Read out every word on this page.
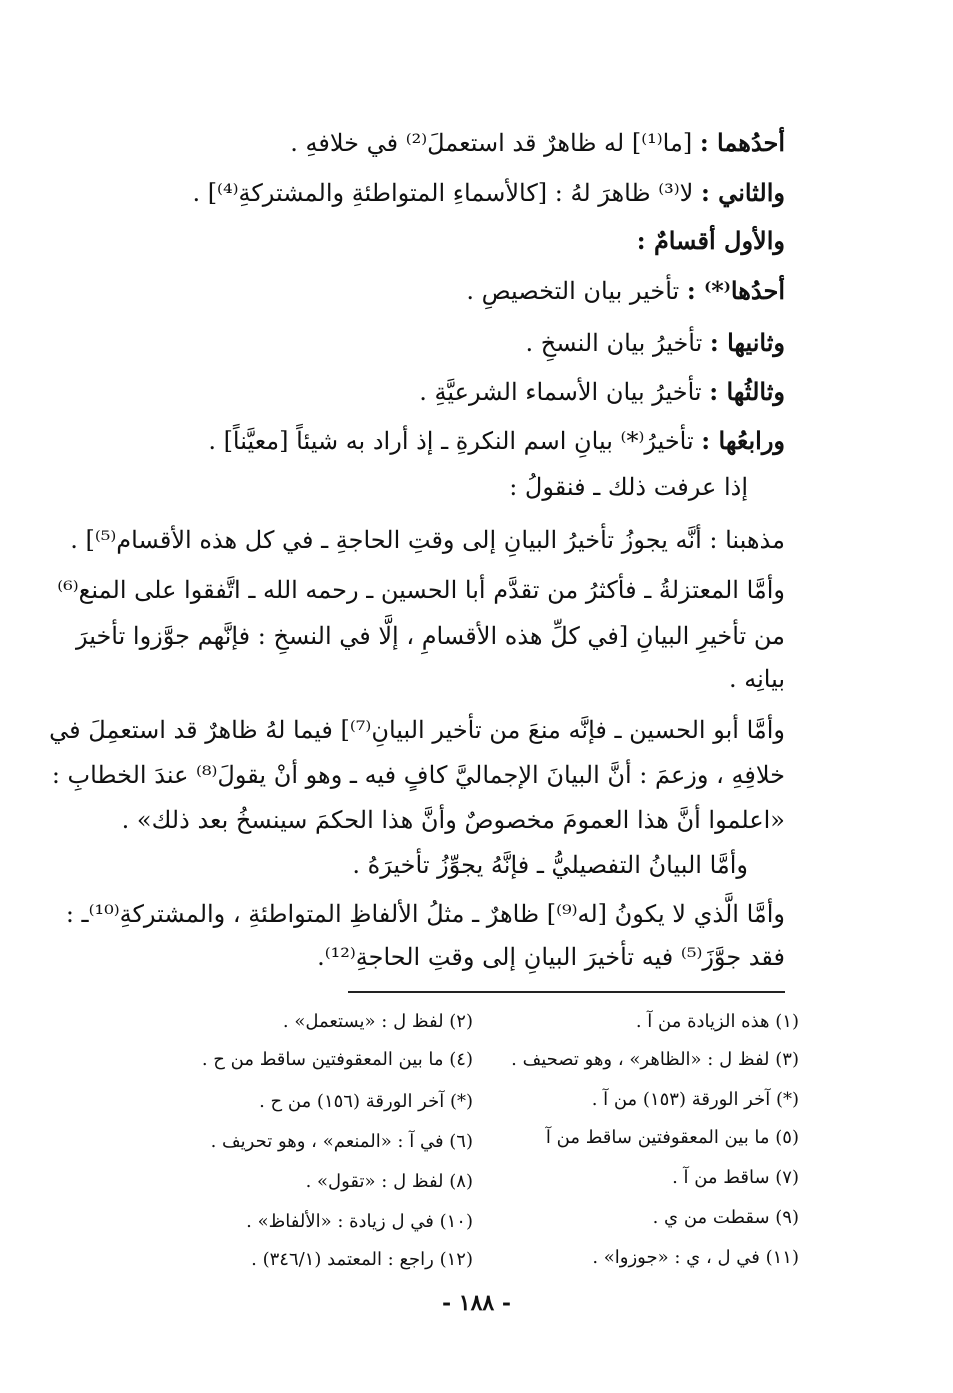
أحدُهما : [ما⁽¹⁾] له ظاهرٌ قد استعملَ⁽²⁾ في خلافهِ .
والثاني : لا⁽³⁾ ظاهرَ لهُ : [كالأسماءِ المتواطئةِ والمشتركةِ⁽⁴⁾] .
والأول أقسامٌ :
أحدُها⁽*⁾ : تأخير بيان التخصيصِ .
وثانيها : تأخيرُ بيان النسخِ .
وثالثُها : تأخيرُ بيان الأسماء الشرعيَّةِ .
ورابعُها : تأخيرُ⁽*⁾ بيانِ اسم النكرةِ ـ إذ أراد به شيئاً [معيَّناً] .
إذا عرفت ذلك ـ فنقولُ :
مذهبنا : أنَّه يجوزُ تأخيرُ البيانِ إلى وقتِ الحاجةِ ـ في كل هذه الأقسام⁽⁵⁾] .
وأمَّا المعتزلةُ ـ فأكثرُ من تقدَّم أبا الحسين ـ رحمه الله ـ اتَّفقوا على المنع⁽⁶⁾
من تأخيرِ البيانِ [في كلِّ هذه الأقسامِ ، إلَّا في النسخِ : فإنَّهم جوَّزوا تأخيرَ
بيانِه .
وأمَّا أبو الحسين ـ فإنَّه منعَ من تأخير البيانِ⁽⁷⁾] فيما لهُ ظاهرٌ قد استعمِلَ في
خلافِهِ ، وزعمَ : أنَّ البيانَ الإجماليَّ كافٍ فيه ـ وهو أنْ يقولَ⁽⁸⁾ عندَ الخطابِ :
«اعلموا أنَّ هذا العمومَ مخصوصٌ وأنَّ هذا الحكمَ سينسخُ بعد ذلك» .
وأمَّا البيانُ التفصيليُّ ـ فإنَّهُ يجوِّزُ تأخيرَهُ .
وأمَّا الَّذي لا يكونُ [له⁽⁹⁾] ظاهرٌ ـ مثلُ الألفاظِ المتواطئةِ ، والمشتركةِ⁽¹⁰⁾ـ :
فقد جوَّزَ⁽⁵⁾ فيه تأخيرَ البيانِ إلى وقتِ الحاجةِ⁽¹²⁾.
(١) هذه الزيادة من آ .
(٢) لفظ ل : «يستعمل» .
(٣) لفظ ل : «الظاهر» ، وهو تصحيف .
(٤) ما بين المعقوفتين ساقط من ح .
(*) آخر الورقة (١٥٣) من آ .
(*) آخر الورقة (١٥٦) من ح .
(٥) ما بين المعقوفتين ساقط من آ
(٦) في آ : «المنعم» ، وهو تحريف .
(٧) ساقط من آ .
(٨) لفظ ل : «تقول» .
(٩) سقطت من ي .
(١٠) في ل زيادة : «الألفاظ» .
(١١) في ل ، ي : «جوزوا» .
(١٢) راجع : المعتمد (٣٤٦/١) .
- ١٨٨ -
